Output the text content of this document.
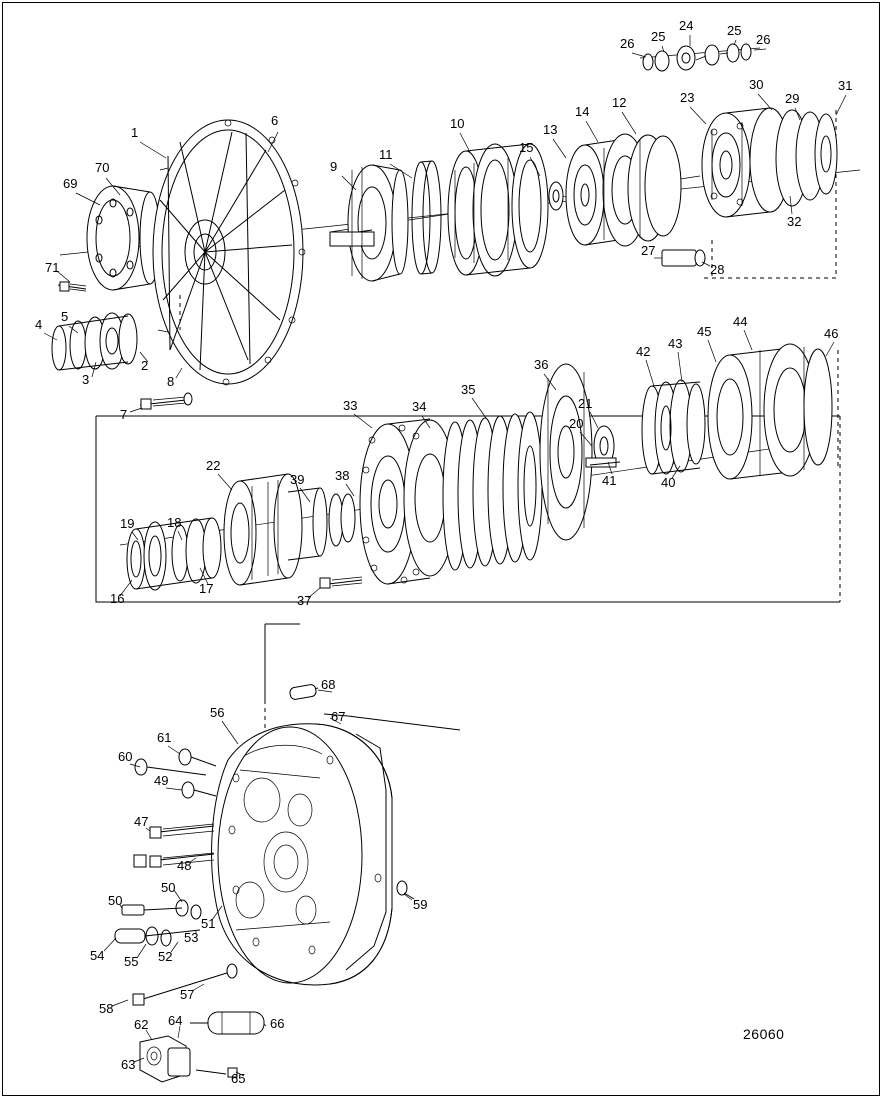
1
2
3
4
5
6
7
8
9
10
11
12
13
14
15
16
17
18
19
20
21
22
23
24
25	25
26	26
27
28
29
30	31
32
33	34
35
36
37
38
39	40
41
42
43
44
45	46
47
48
49
50
50
51
52
53
54 55
56
57
58
59
60
61
62
63
64
65
66
67
68
69
70
71
26060
